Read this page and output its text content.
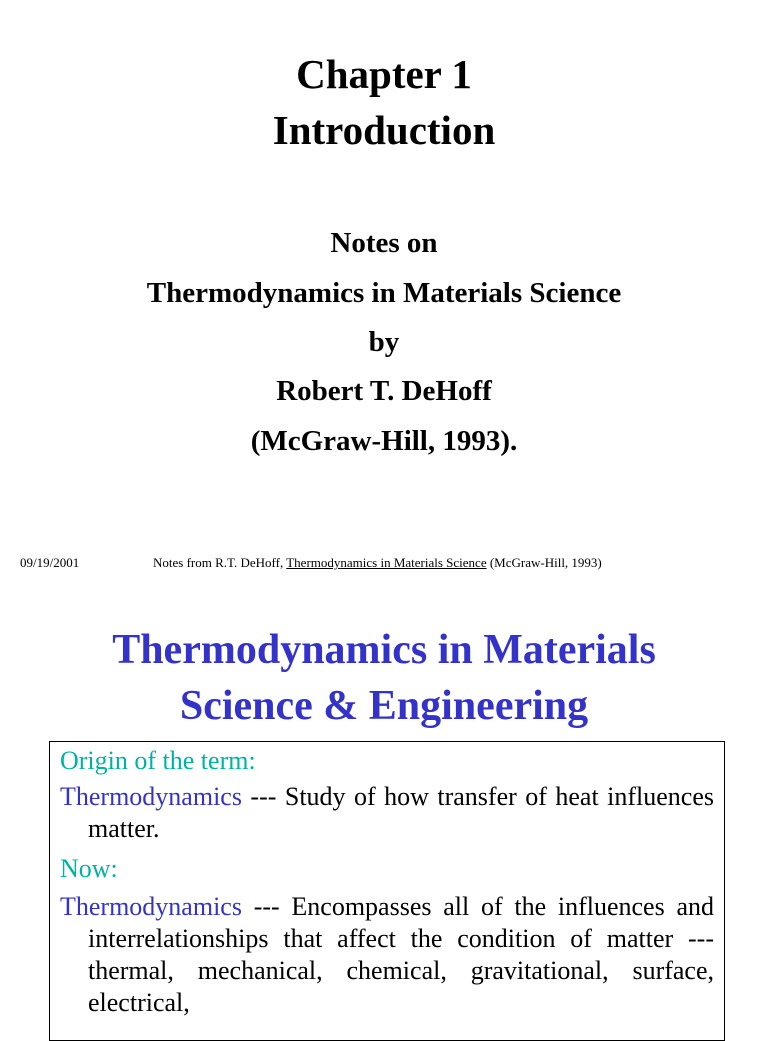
Chapter 1
Introduction
Notes on
Thermodynamics in Materials Science
by
Robert T. DeHoff
(McGraw-Hill, 1993).
09/19/2001	Notes from R.T. DeHoff, Thermodynamics in Materials Science (McGraw-Hill, 1993)
Thermodynamics in Materials
Science & Engineering
Origin of the term:
Thermodynamics --- Study of how transfer of heat influences matter.
Now:
Thermodynamics --- Encompasses all of the influences and interrelationships that affect the condition of matter --- thermal, mechanical, chemical, gravitational, surface, electrical,
